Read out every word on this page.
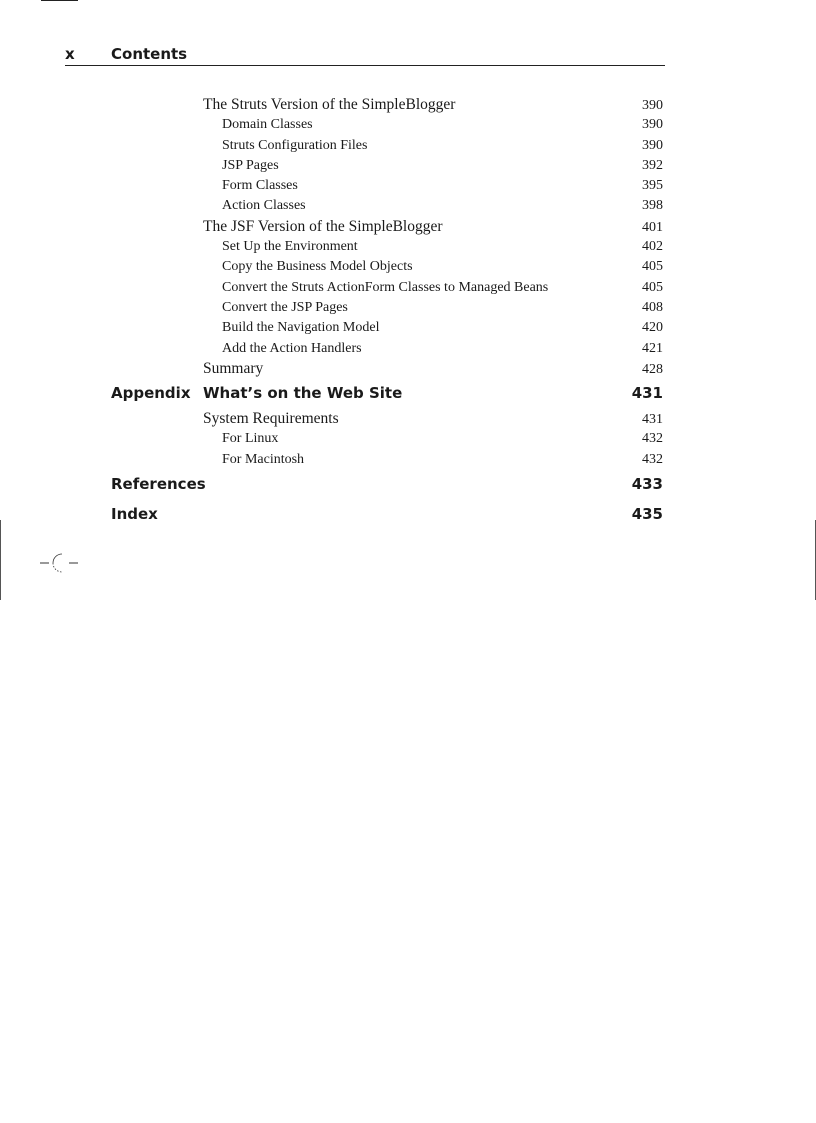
x Contents
The Struts Version of the SimpleBlogger	390
Domain Classes	390
Struts Configuration Files	390
JSP Pages	392
Form Classes	395
Action Classes	398
The JSF Version of the SimpleBlogger	401
Set Up the Environment	402
Copy the Business Model Objects	405
Convert the Struts ActionForm Classes to Managed Beans	405
Convert the JSP Pages	408
Build the Navigation Model	420
Add the Action Handlers	421
Summary	428
Appendix What’s on the Web Site	431
System Requirements	431
For Linux	432
For Macintosh	432
References	433
Index	435
